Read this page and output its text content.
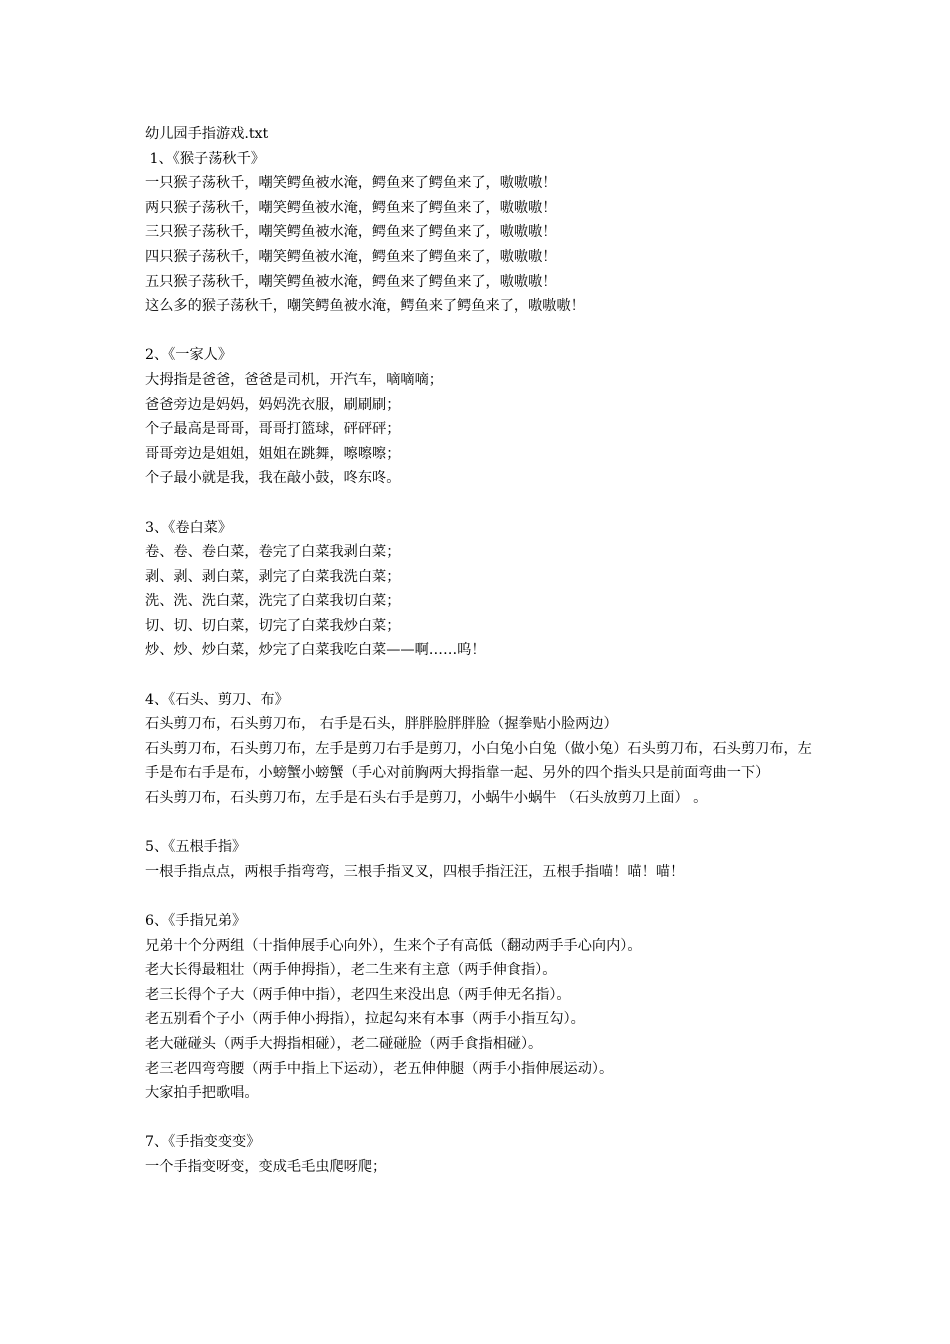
幼儿园手指游戏.txt
1、《猴子荡秋千》
一只猴子荡秋千，嘲笑鳄鱼被水淹，鳄鱼来了鳄鱼来了，嗷嗷嗷！
两只猴子荡秋千，嘲笑鳄鱼被水淹，鳄鱼来了鳄鱼来了，嗷嗷嗷！
三只猴子荡秋千，嘲笑鳄鱼被水淹，鳄鱼来了鳄鱼来了，嗷嗷嗷！
四只猴子荡秋千，嘲笑鳄鱼被水淹，鳄鱼来了鳄鱼来了，嗷嗷嗷！
五只猴子荡秋千，嘲笑鳄鱼被水淹，鳄鱼来了鳄鱼来了，嗷嗷嗷！
这么多的猴子荡秋千，嘲笑鳄鱼被水淹，鳄鱼来了鳄鱼来了，嗷嗷嗷！
2、《一家人》
大拇指是爸爸，爸爸是司机，开汽车，嘀嘀嘀；
爸爸旁边是妈妈，妈妈洗衣服，刷刷刷；
个子最高是哥哥，哥哥打篮球，砰砰砰；
哥哥旁边是姐姐，姐姐在跳舞，嚓嚓嚓；
个子最小就是我，我在敲小鼓，咚东咚。
3、《卷白菜》
卷、卷、卷白菜，卷完了白菜我剥白菜；
剥、剥、剥白菜，剥完了白菜我洗白菜；
洗、洗、洗白菜，洗完了白菜我切白菜；
切、切、切白菜，切完了白菜我炒白菜；
炒、炒、炒白菜，炒完了白菜我吃白菜——啊……呜！
4、《石头、剪刀、布》
石头剪刀布，石头剪刀布， 右手是石头，胖胖脸胖胖脸（握拳贴小脸两边）
石头剪刀布，石头剪刀布，左手是剪刀右手是剪刀，小白兔小白兔（做小兔）石头剪刀布，石头剪刀布，左手是布右手是布，小螃蟹小螃蟹（手心对前胸两大拇指靠一起、另外的四个指头只是前面弯曲一下）
石头剪刀布，石头剪刀布，左手是石头右手是剪刀，小蜗牛小蜗牛 （石头放剪刀上面） 。
5、《五根手指》
一根手指点点，两根手指弯弯，三根手指叉叉，四根手指汪汪，五根手指喵！喵！喵！
6、《手指兄弟》
兄弟十个分两组（十指伸展手心向外），生来个子有高低（翻动两手手心向内）。
老大长得最粗壮（两手伸拇指），老二生来有主意（两手伸食指）。
老三长得个子大（两手伸中指），老四生来没出息（两手伸无名指）。
老五别看个子小（两手伸小拇指），拉起勾来有本事（两手小指互勾）。
老大碰碰头（两手大拇指相碰），老二碰碰脸（两手食指相碰）。
老三老四弯弯腰（两手中指上下运动），老五伸伸腿（两手小指伸展运动）。
大家拍手把歌唱。
7、《手指变变变》
一个手指变呀变，变成毛毛虫爬呀爬；
